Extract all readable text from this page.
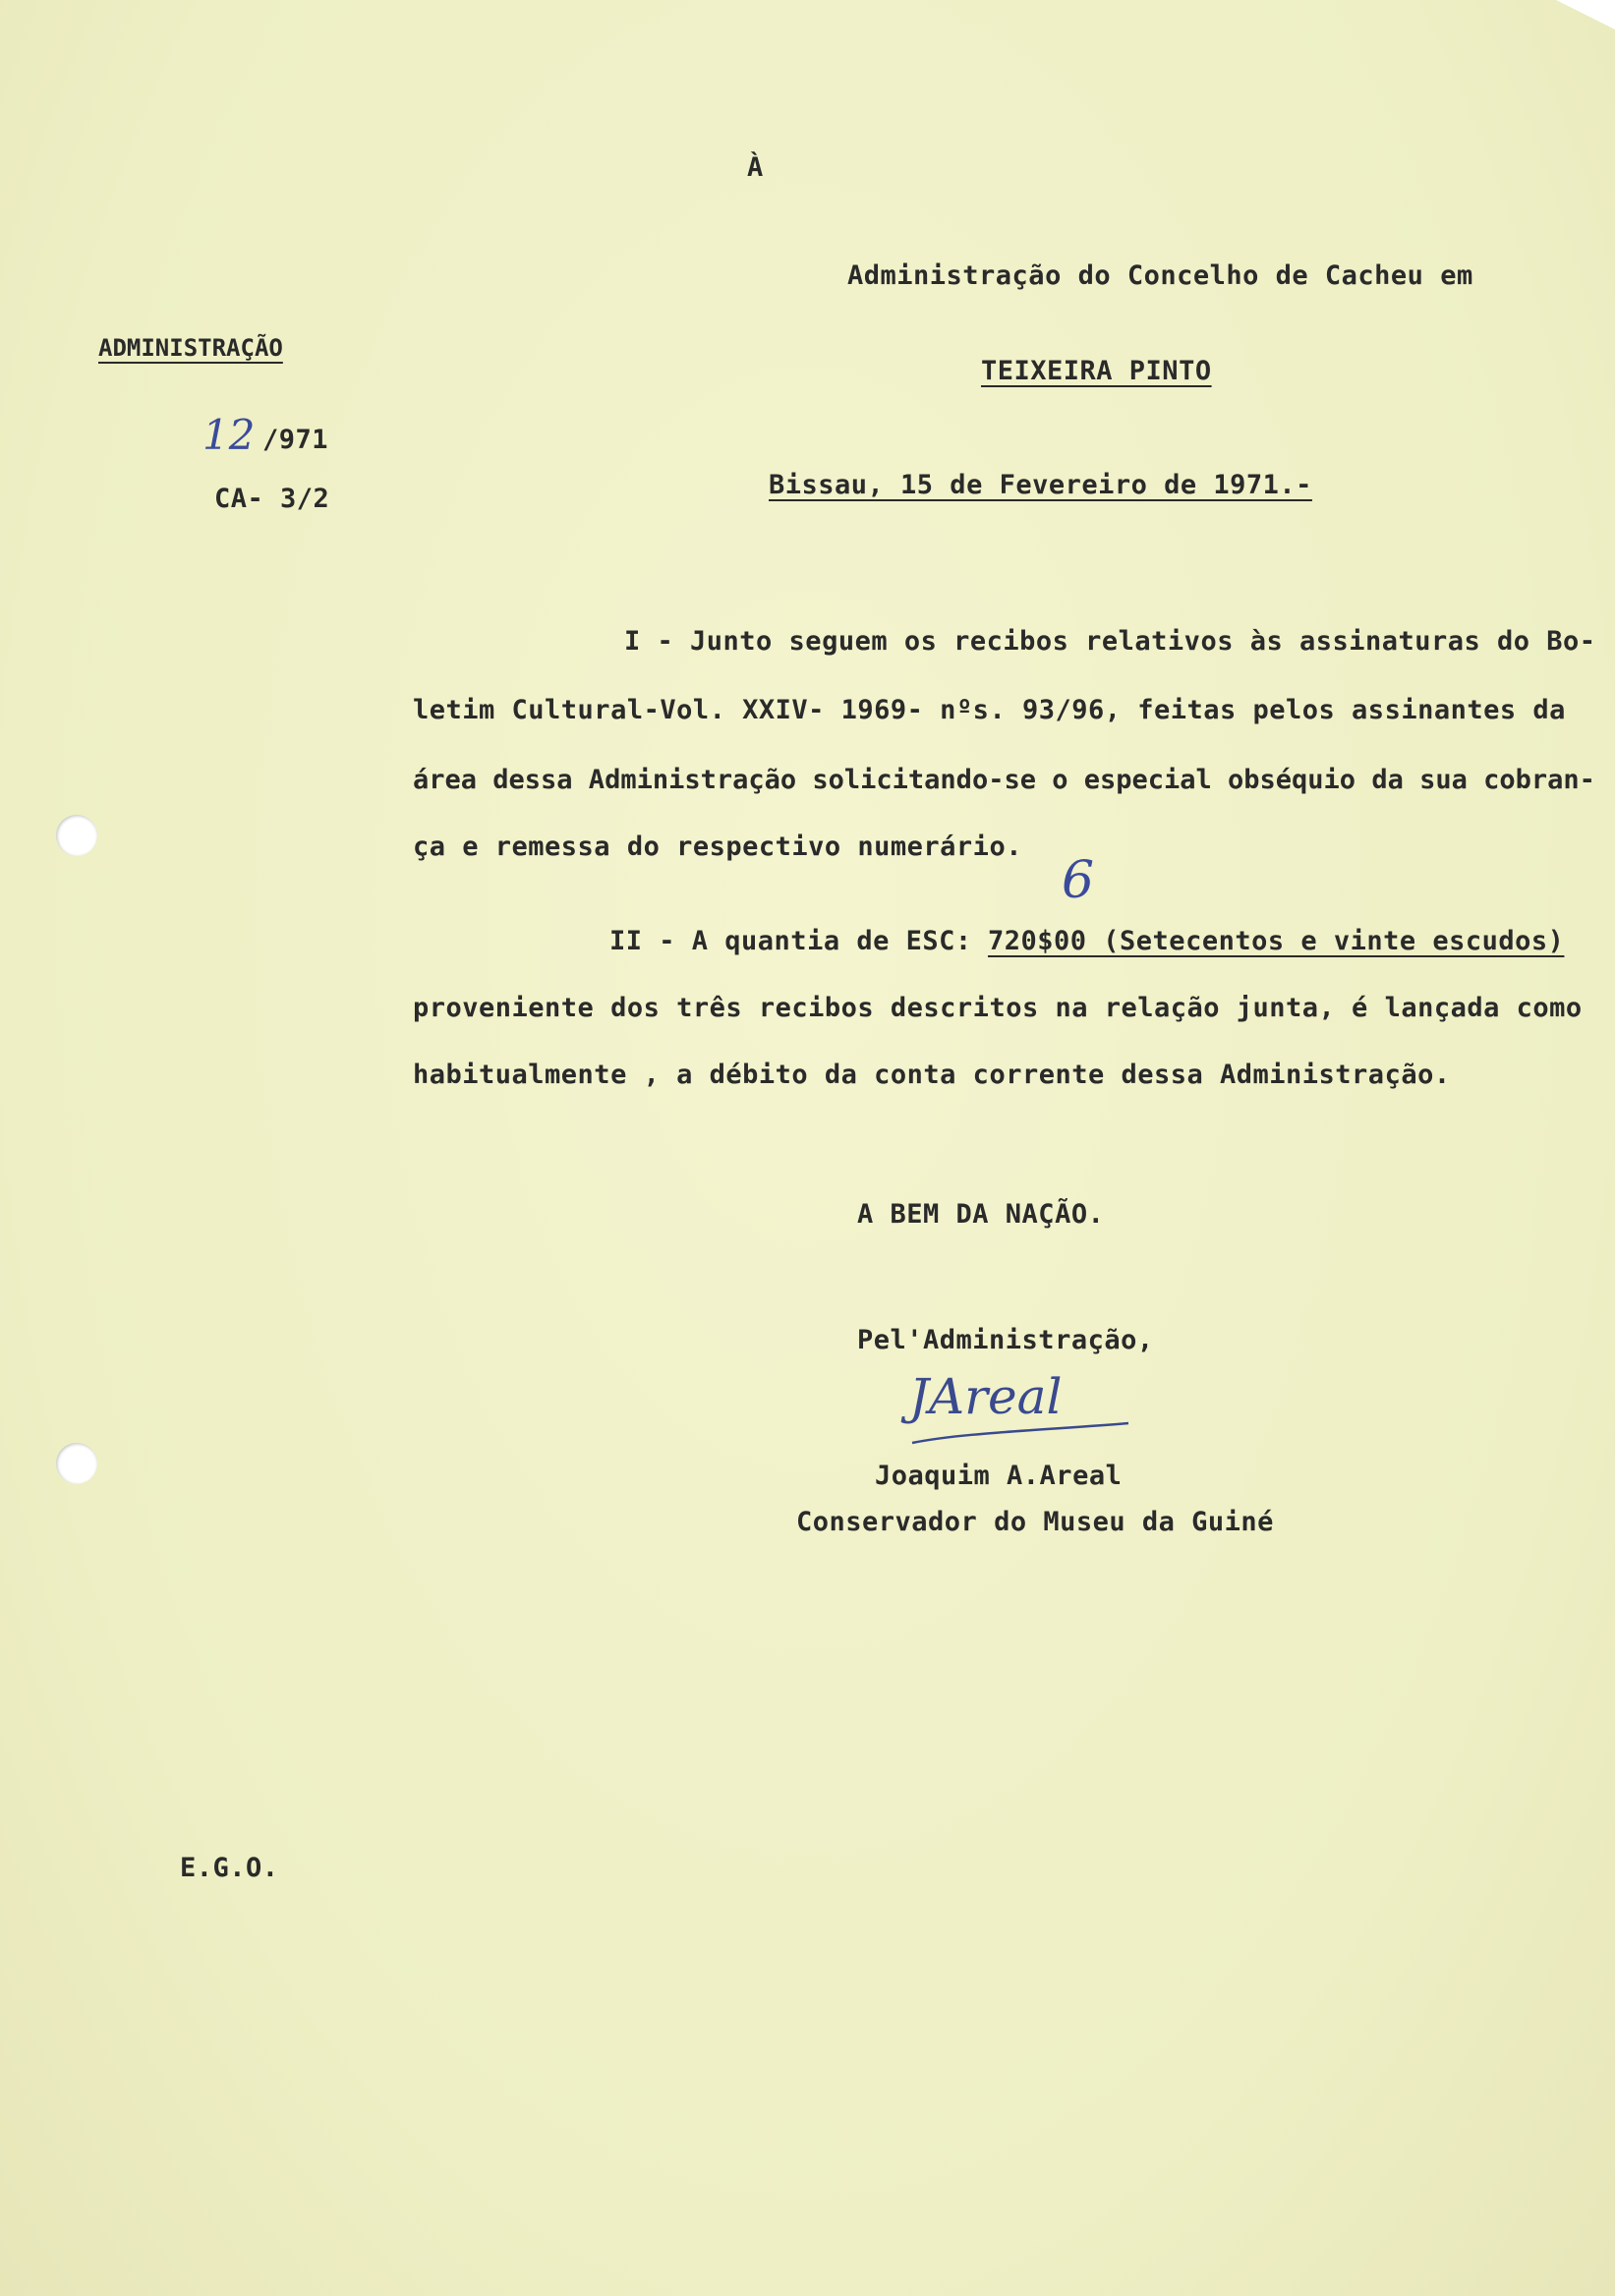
À
Administração do Concelho de Cacheu em
TEIXEIRA PINTO
ADMINISTRAÇÃO
12 /971
CA- 3/2	Bissau, 15 de Fevereiro de 1971.-
I - Junto seguem os recibos relativos às assinaturas do Bo-
letim Cultural-Vol. XXIV- 1969- nºs. 93/96, feitas pelos assinantes da
área dessa Administração solicitando-se o especial obséquio da sua cobran-
ça e remessa do respectivo numerário.
6
II - A quantia de ESC: 720$00 (Setecentos e vinte escudos)
proveniente dos três recibos descritos na relação junta, é lançada como
habitualmente , a débito da conta corrente dessa Administração.
A BEM DA NAÇÃO.
Pel'Administração,
JAreal
Joaquim A.Areal
Conservador do Museu da Guiné
E.G.O.
